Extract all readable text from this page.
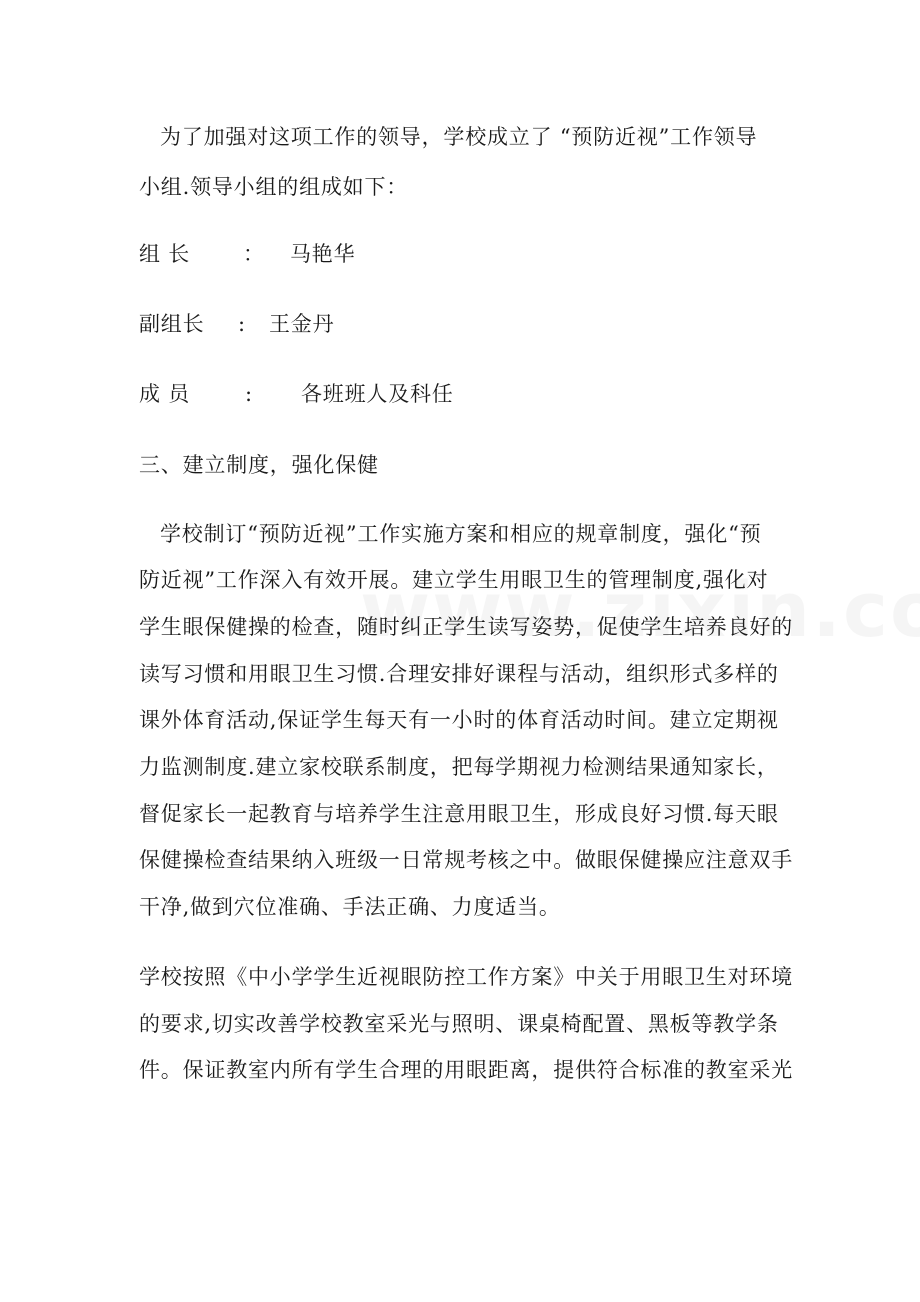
为了加强对这项工作的领导，学校成立了 “预防近视”工作领导
小组.领导小组的组成如下：
组 长	： 马艳华
副组长 : 王金丹
成 员	: 各班班人及科任
三、建立制度，强化保健
学校制订“预防近视”工作实施方案和相应的规章制度，强化“预
防近视”工作深入有效开展。建立学生用眼卫生的管理制度,强化对
学生眼保健操的检查，随时纠正学生读写姿势，促使学生培养良好的
读写习惯和用眼卫生习惯.合理安排好课程与活动，组织形式多样的
课外体育活动,保证学生每天有一小时的体育活动时间。建立定期视
力监测制度.建立家校联系制度，把每学期视力检测结果通知家长，
督促家长一起教育与培养学生注意用眼卫生，形成良好习惯.每天眼
保健操检查结果纳入班级一日常规考核之中。做眼保健操应注意双手
干净,做到穴位准确、手法正确、力度适当。
学校按照《中小学学生近视眼防控工作方案》中关于用眼卫生对环境
的要求,切实改善学校教室采光与照明、课桌椅配置、黑板等教学条
件。保证教室内所有学生合理的用眼距离，提供符合标准的教室采光
